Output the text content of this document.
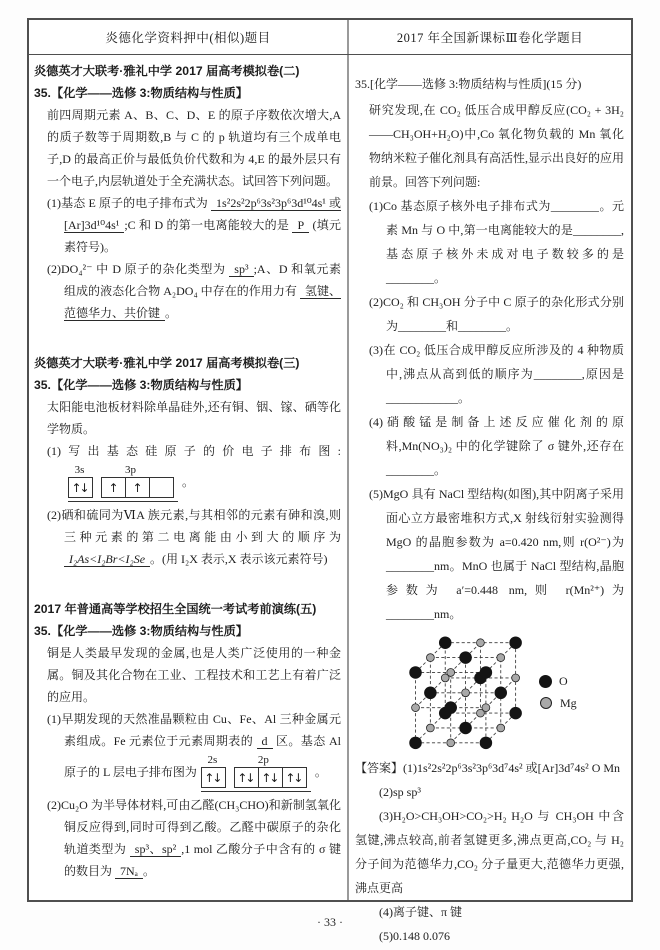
炎德化学资料押中(相似)题目	2017 年全国新课标Ⅲ卷化学题目

炎德英才大联考·雅礼中学 2017 届高考模拟卷(二)

35.【化学——选修 3:物质结构与性质】

前四周期元素 A、B、C、D、E 的原子序数依次增大,A 的质子数等于周期数,B 与 C 的 p 轨道均有三个成单电子,D 的最高正价与最低负价代数和为 4,E 的最外层只有一个电子,内层轨道处于全充满状态。试回答下列问题。

(1)基态 E 原子的电子排布式为 1s²2s²2p⁶3s²3p⁶3d¹⁰4s¹ 或[Ar]3d¹⁰4s¹ ;C 和 D 的第一电离能较大的是 P (填元素符号)。

(2)DO₄²⁻ 中 D 原子的杂化类型为 sp³ ;A、D 和氧元素组成的液态化合物 A₂DO₄ 中存在的作用力有 氢键、范德华力、共价键 。

炎德英才大联考·雅礼中学 2017 届高考模拟卷(三)

35.【化学——选修 3:物质结构与性质】

太阳能电池板材料除单晶硅外,还有铜、铟、镓、硒等化学物质。

(1)写出基态硅原子的价电子排布图:
3s	3p
↑↓	↑	↑	。

(2)硒和硫同为ⅥA 族元素,与其相邻的元素有砷和溴,则三种元素的第二电离能由小到大的顺序为 I₂As<I₂Br<I₂Se 。(用 I₂X 表示,X 表示该元素符号)

2017 年普通高等学校招生全国统一考试考前演练(五)

35.【化学——选修 3:物质结构与性质】

铜是人类最早发现的金属,也是人类广泛使用的一种金属。铜及其化合物在工业、工程技术和工艺上有着广泛的应用。

(1)早期发现的天然准晶颗粒由 Cu、Fe、Al 三种金属元素组成。Fe 元素位于元素周期表的 d 区。基态 Al 原子的 L 层电子排布图为
2s	2p
↑↓	↑↓ ↑↓ ↑↓	。

(2)Cu₂O 为半导体材料,可由乙醛(CH₃CHO)和新制氢氧化铜反应得到,同时可得到乙酸。乙醛中碳原子的杂化轨道类型为 sp³、sp² ,1 mol 乙酸分子中含有的 σ 键的数目为 7Nₐ 。

35.[化学——选修 3:物质结构与性质](15 分)

研究发现,在 CO₂ 低压合成甲醇反应(CO₂ + 3H₂ ——CH₃OH+H₂O)中,Co 氧化物负载的 Mn 氧化物纳米粒子催化剂具有高活性,显示出良好的应用前景。回答下列问题:

(1)Co 基态原子核外电子排布式为________。元素 Mn 与 O 中,第一电离能较大的是________,基态原子核外未成对电子数较多的是________。

(2)CO₂ 和 CH₃OH 分子中 C 原子的杂化形式分别为________和________。

(3)在 CO₂ 低压合成甲醇反应所涉及的 4 种物质中,沸点从高到低的顺序为________,原因是____________。

(4)硝酸锰是制备上述反应催化剂的原料,Mn(NO₃)₂ 中的化学键除了 σ 键外,还存在________。

(5)MgO 具有 NaCl 型结构(如图),其中阴离子采用面心立方最密堆积方式,X 射线衍射实验测得 MgO 的晶胞参数为 a=0.420 nm,则 r(O²⁻)为________nm。MnO 也属于 NaCl 型结构,晶胞参数为 a′=0.448 nm,则 r(Mn²⁺)为________nm。

O
Mg

【答案】(1)1s²2s²2p⁶3s²3p⁶3d⁷4s² 或[Ar]3d⁷4s² O Mn

(2)sp sp³

(3)H₂O>CH₃OH>CO₂>H₂ H₂O 与 CH₃OH 中含氢键,沸点较高,前者氢键更多,沸点更高,CO₂ 与 H₂ 分子间为范德华力,CO₂ 分子量更大,范德华力更强,沸点更高

(4)离子键、π 键

(5)0.148 0.076

· 33 ·
